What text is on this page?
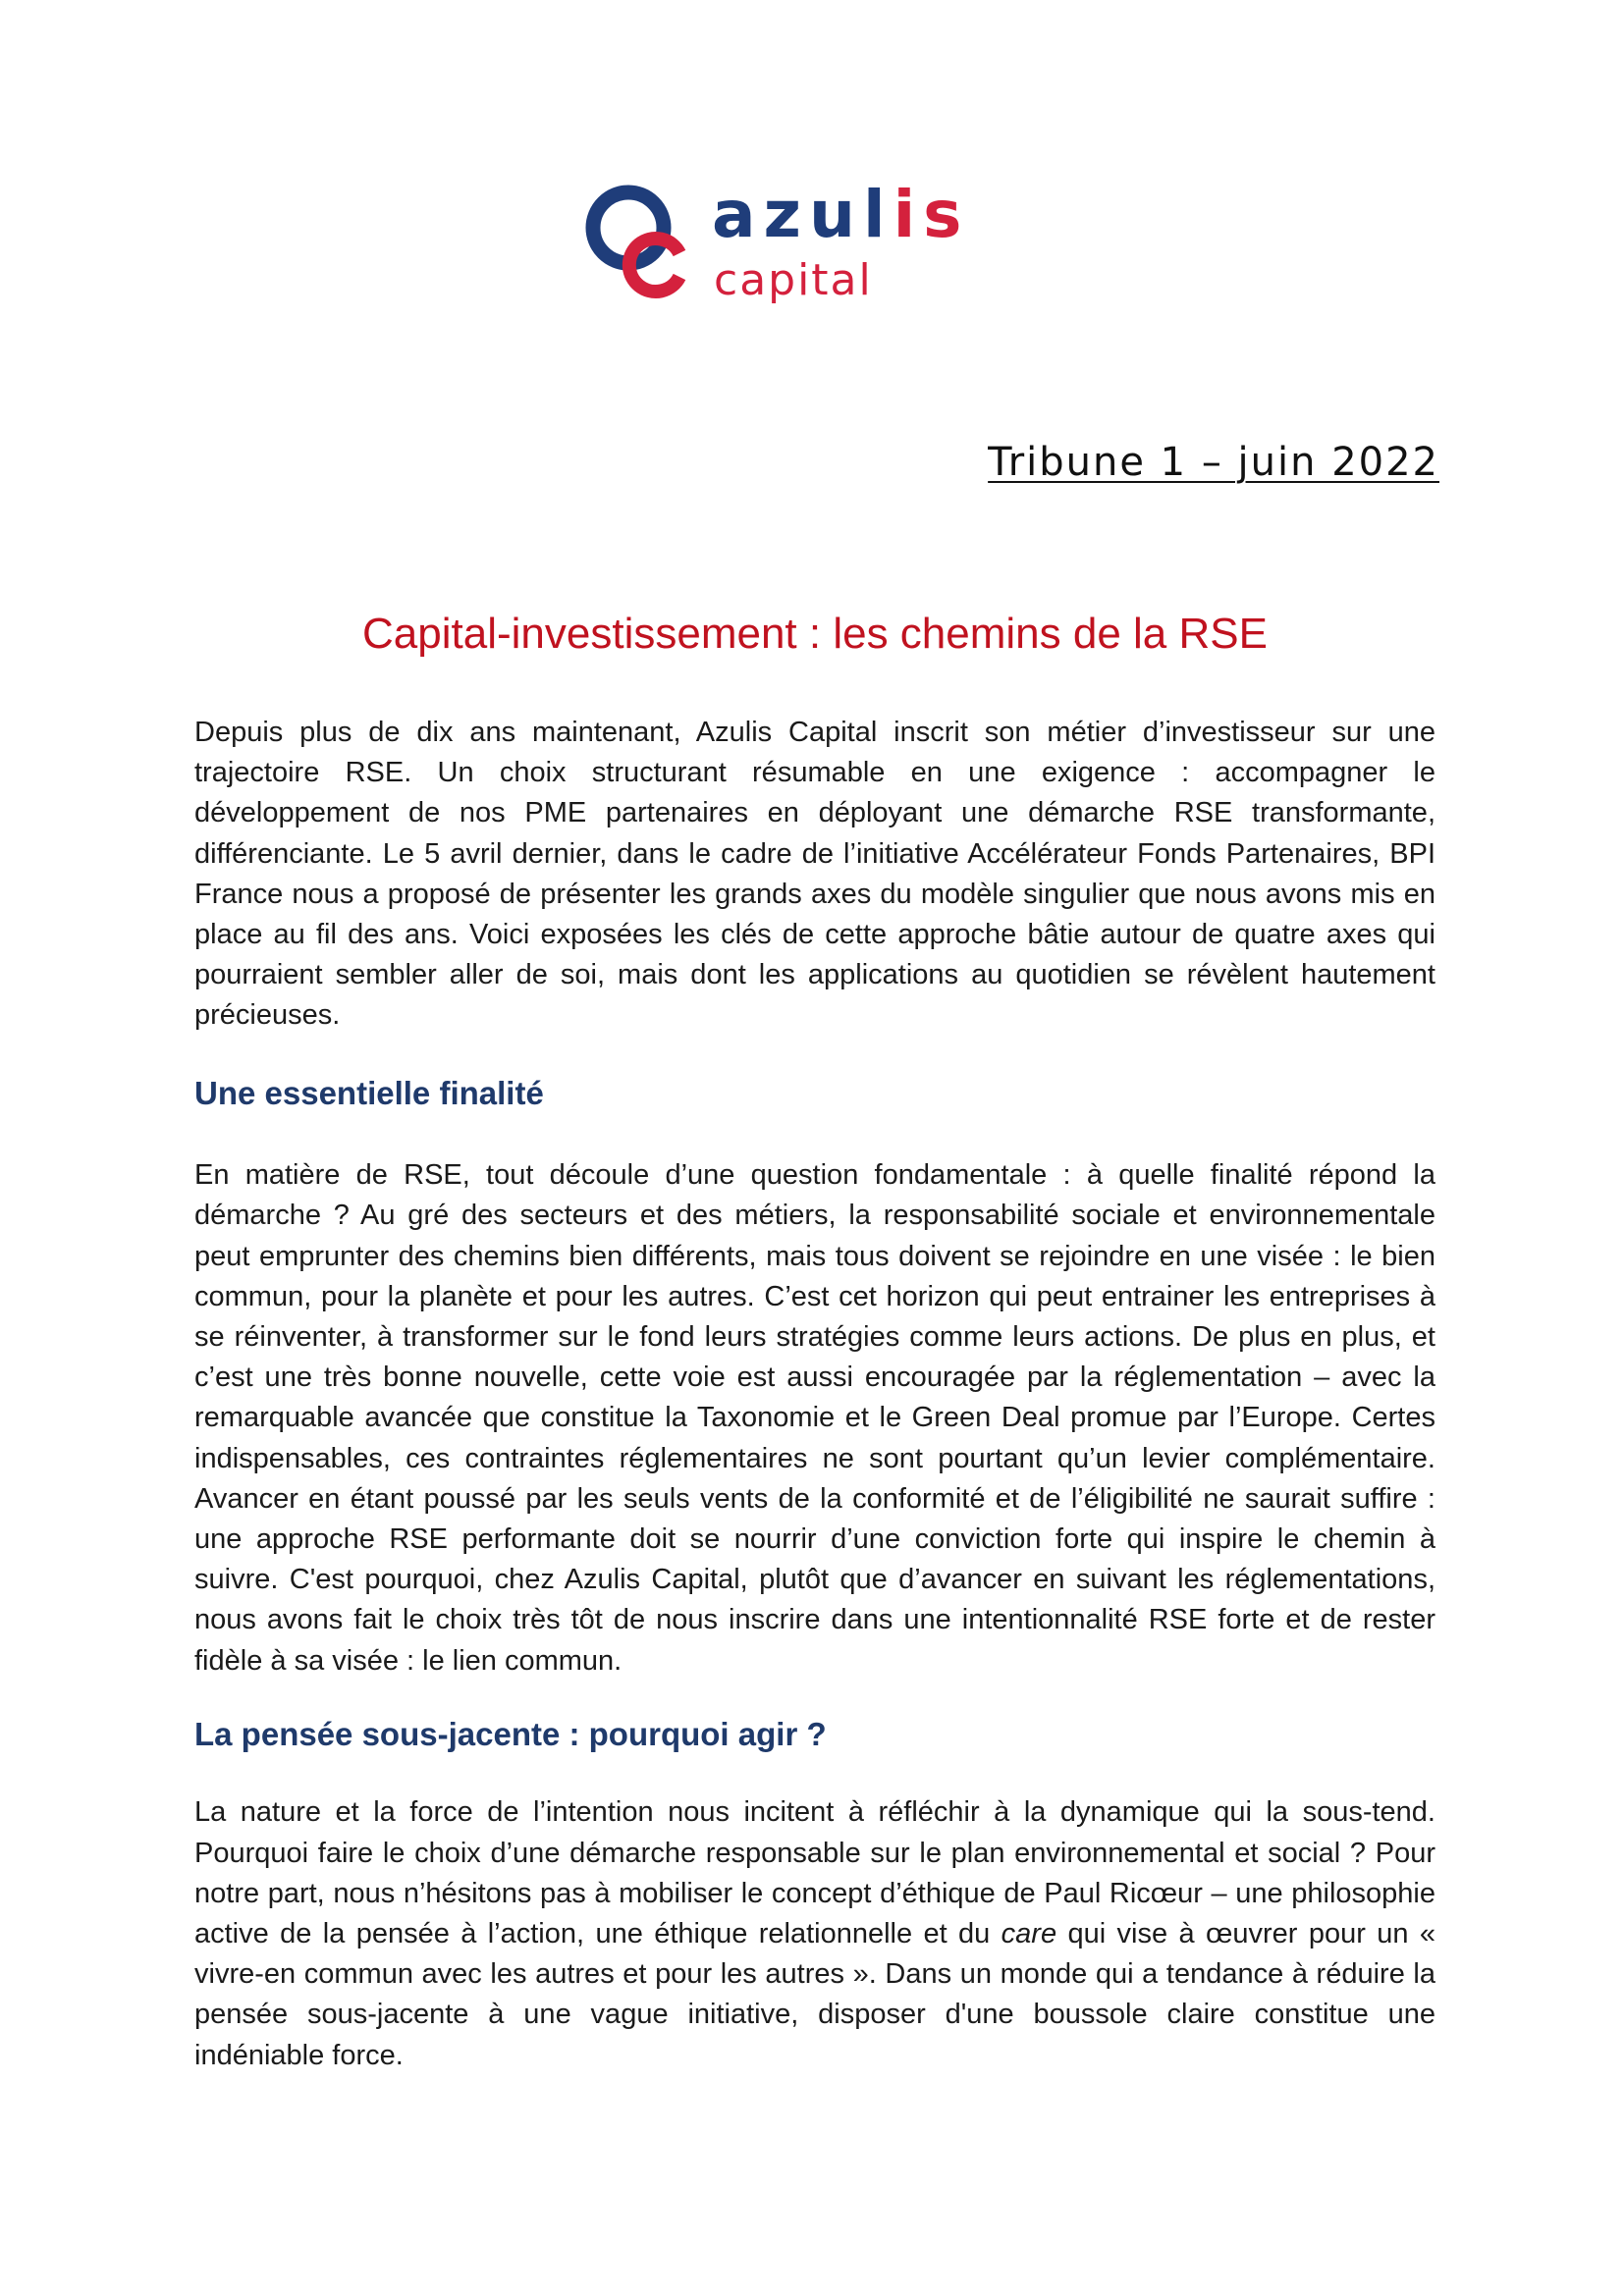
azulis
capital
Tribune 1 – juin 2022
Capital-investissement : les chemins de la RSE

Depuis plus de dix ans maintenant, Azulis Capital inscrit son métier d’investisseur sur une trajectoire RSE. Un choix structurant résumable en une exigence : accompagner le développement de nos PME partenaires en déployant une démarche RSE transformante, différenciante. Le 5 avril dernier, dans le cadre de l’initiative Accélérateur Fonds Partenaires, BPI France nous a proposé de présenter les grands axes du modèle singulier que nous avons mis en place au fil des ans. Voici exposées les clés de cette approche bâtie autour de quatre axes qui pourraient sembler aller de soi, mais dont les applications au quotidien se révèlent hautement précieuses.

Une essentielle finalité

En matière de RSE, tout découle d’une question fondamentale : à quelle finalité répond la démarche ? Au gré des secteurs et des métiers, la responsabilité sociale et environnementale peut emprunter des chemins bien différents, mais tous doivent se rejoindre en une visée : le bien commun, pour la planète et pour les autres. C’est cet horizon qui peut entrainer les entreprises à se réinventer, à transformer sur le fond leurs stratégies comme leurs actions. De plus en plus, et c’est une très bonne nouvelle, cette voie est aussi encouragée par la réglementation – avec la remarquable avancée que constitue la Taxonomie et le Green Deal promue par l’Europe. Certes indispensables, ces contraintes réglementaires ne sont pourtant qu’un levier complémentaire. Avancer en étant poussé par les seuls vents de la conformité et de l’éligibilité ne saurait suffire : une approche RSE performante doit se nourrir d’une conviction forte qui inspire le chemin à suivre. C'est pourquoi, chez Azulis Capital, plutôt que d’avancer en suivant les réglementations, nous avons fait le choix très tôt de nous inscrire dans une intentionnalité RSE forte et de rester fidèle à sa visée : le lien commun.

La pensée sous-jacente : pourquoi agir ?

La nature et la force de l’intention nous incitent à réfléchir à la dynamique qui la sous-tend. Pourquoi faire le choix d’une démarche responsable sur le plan environnemental et social ? Pour notre part, nous n’hésitons pas à mobiliser le concept d’éthique de Paul Ricœur – une philosophie active de la pensée à l’action, une éthique relationnelle et du care qui vise à œuvrer pour un « vivre-en commun avec les autres et pour les autres ». Dans un monde qui a tendance à réduire la pensée sous-jacente à une vague initiative, disposer d'une boussole claire constitue une indéniable force.
